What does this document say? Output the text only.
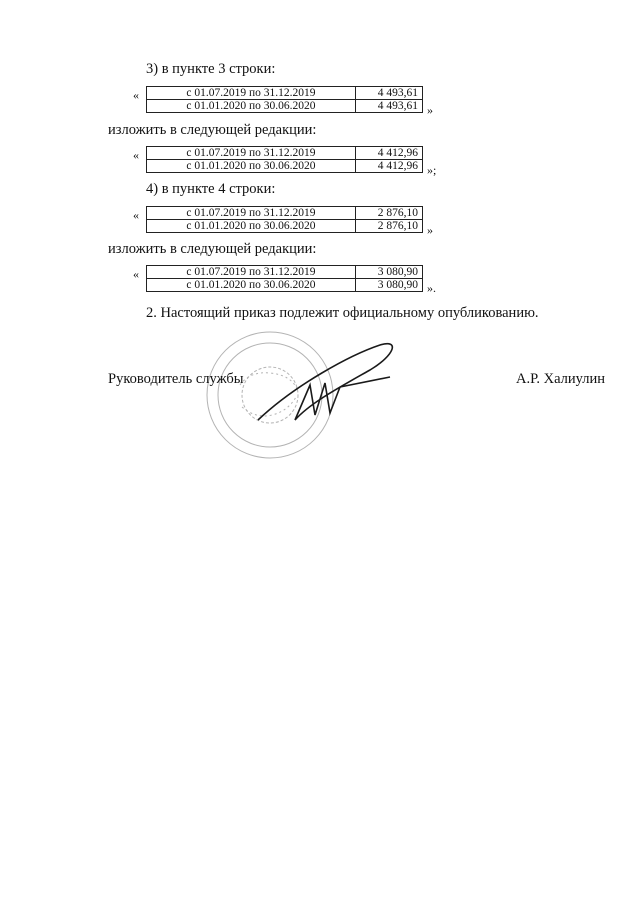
3) в пункте 3 строки:
«	с 01.07.2019 по 31.12.2019	4 493,61
с 01.01.2020 по 30.06.2020	4 493,61 »
изложить в следующей редакции:
«	с 01.07.2019 по 31.12.2019	4 412,96
с 01.01.2020 по 30.06.2020	4 412,96 »;
4) в пункте 4 строки:
«	с 01.07.2019 по 31.12.2019	2 876,10
с 01.01.2020 по 30.06.2020	2 876,10 »
изложить в следующей редакции:
«	с 01.07.2019 по 31.12.2019	3 080,90
с 01.01.2020 по 30.06.2020	3 080,90 ».
2. Настоящий приказ подлежит официальному опубликованию.
Руководитель службы	А.Р. Халиулин
